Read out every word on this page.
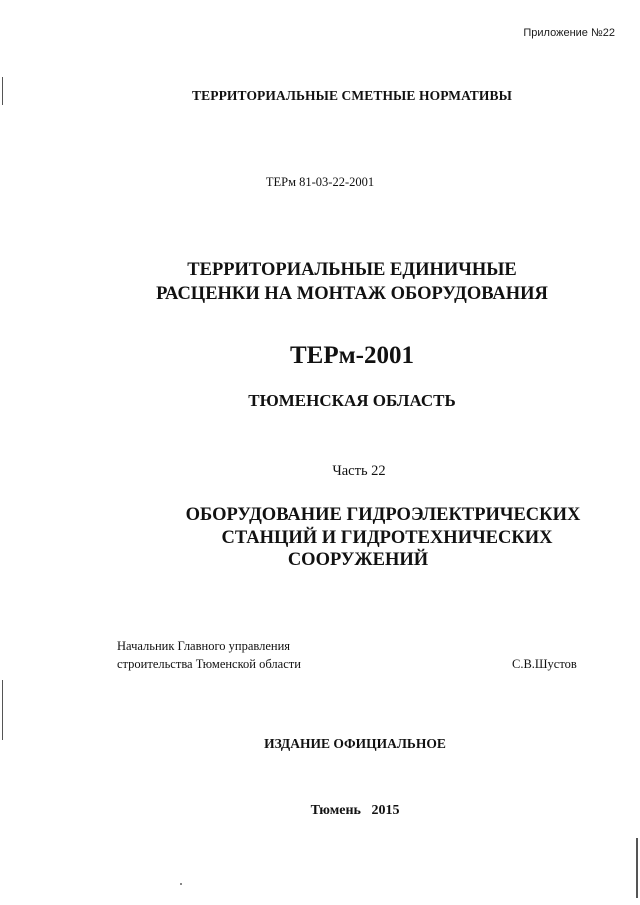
Приложение №22
ТЕРРИТОРИАЛЬНЫЕ СМЕТНЫЕ НОРМАТИВЫ
ТЕРм 81-03-22-2001
ТЕРРИТОРИАЛЬНЫЕ ЕДИНИЧНЫЕ
РАСЦЕНКИ НА МОНТАЖ ОБОРУДОВАНИЯ
ТЕРм-2001
ТЮМЕНСКАЯ ОБЛАСТЬ
Часть 22
ОБОРУДОВАНИЕ ГИДРОЭЛЕКТРИЧЕСКИХ
СТАНЦИЙ И ГИДРОТЕХНИЧЕСКИХ
СООРУЖЕНИЙ
Начальник Главного управления
строительства Тюменской области	С.В.Шустов
ИЗДАНИЕ ОФИЦИАЛЬНОЕ
Тюмень 2015
